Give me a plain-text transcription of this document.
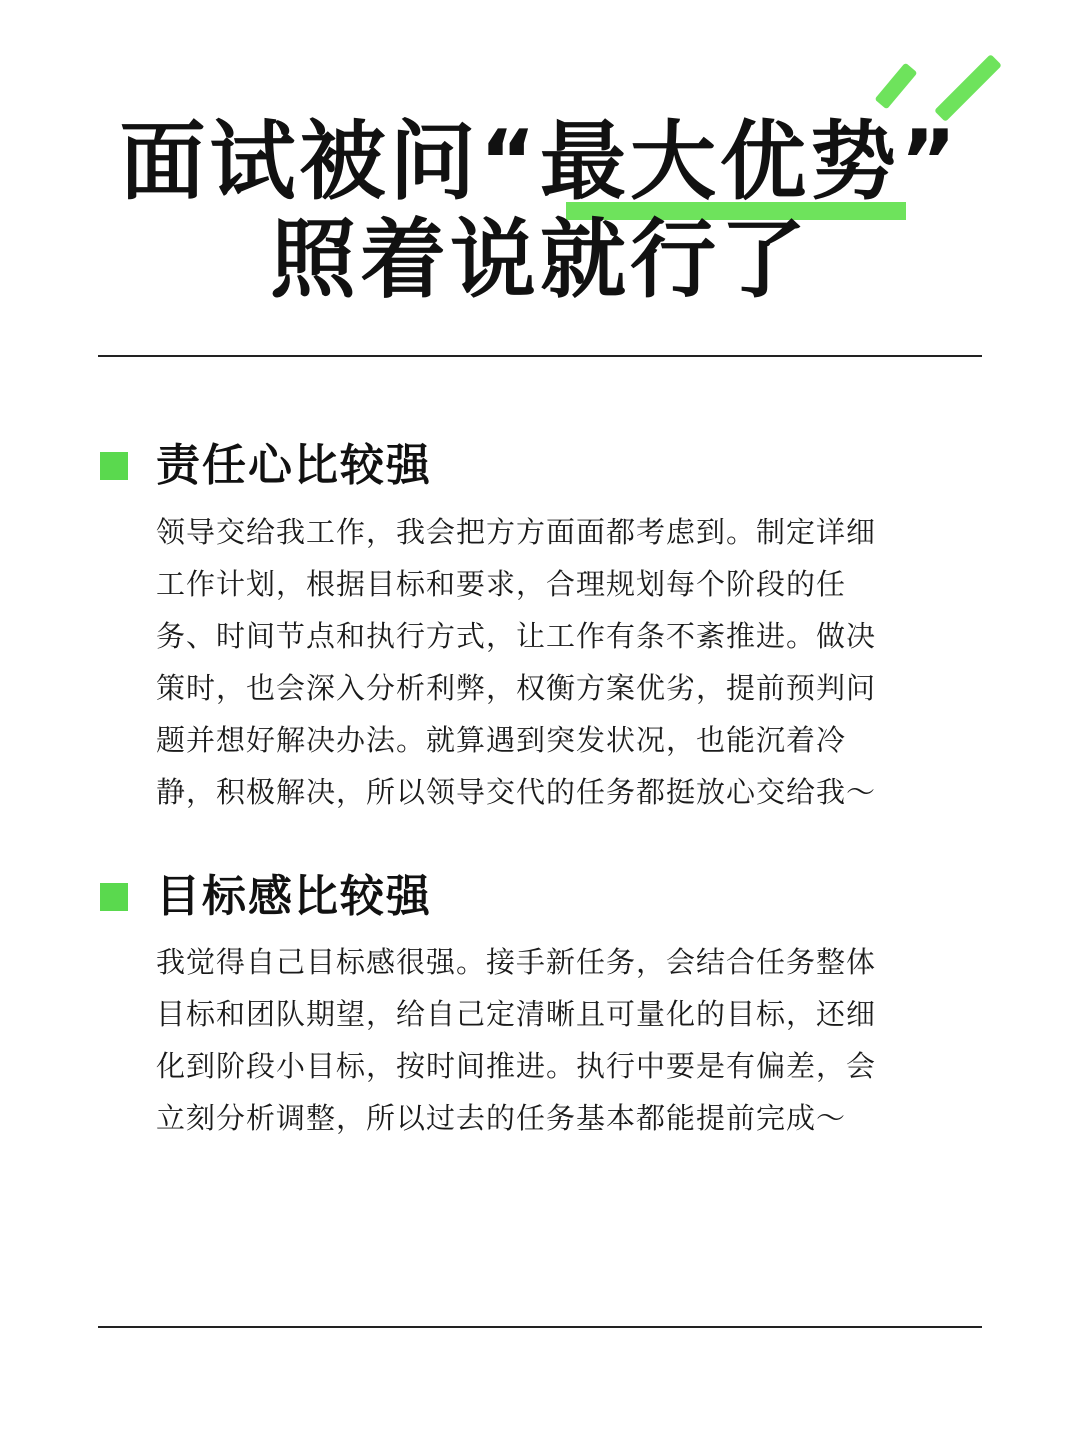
面试被问“最大优势”
照着说就行了
责任心比较强
领导交给我工作，我会把方方面面都考虑到。制定详细
工作计划，根据目标和要求，合理规划每个阶段的任
务、时间节点和执行方式，让工作有条不紊推进。做决
策时，也会深入分析利弊，权衡方案优劣，提前预判问
题并想好解决办法。就算遇到突发状况，也能沉着冷
静，积极解决，所以领导交代的任务都挺放心交给我～
目标感比较强
我觉得自己目标感很强。接手新任务，会结合任务整体
目标和团队期望，给自己定清晰且可量化的目标，还细
化到阶段小目标，按时间推进。执行中要是有偏差，会
立刻分析调整，所以过去的任务基本都能提前完成～
